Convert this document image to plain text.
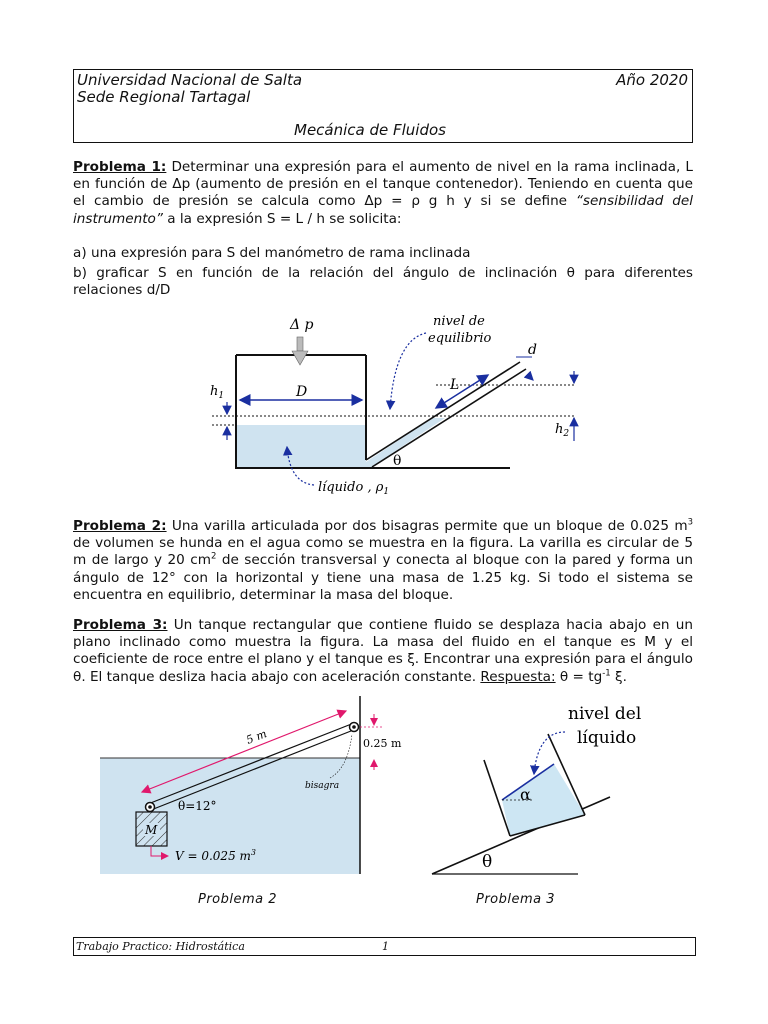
Universidad Nacional de Salta	Año 2020
Sede Regional Tartagal
Mecánica de Fluidos

Problema 1: Determinar una expresión para el aumento de nivel en la rama inclinada, L en función de Δp (aumento de presión en el tanque contenedor). Teniendo en cuenta que el cambio de presión se calcula como Δp = ρ g h y si se define “sensibilidad del instrumento” a la expresión S = L / h se solicita:

a) una expresión para S del manómetro de rama inclinada
b) graficar S en función de la relación del ángulo de inclinación θ para diferentes relaciones d/D
D
Δ p
$h_1$
$h_2$
L
d
θ
nivel de
equilibrio
líquido , $\rho_1$

Problema 2: Una varilla articulada por dos bisagras permite que un bloque de 0.025 $m^3$ de volumen se hunda en el agua como se muestra en la figura. La varilla es circular de 5 m de largo y 20 $cm^2$ de sección transversal y conecta al bloque con la pared y forma un ángulo de 12° con la horizontal y tiene una masa de 1.25 kg. Si todo el sistema se encuentra en equilibrio, determinar la masa del bloque.

Problema 3: Un tanque rectangular que contiene fluido se desplaza hacia abajo en un plano inclinado como muestra la figura. La masa del fluido en el tanque es M y el coeficiente de roce entre el plano y el tanque es ξ. Encontrar una expresión para el ángulo θ. El tanque desliza hacia abajo con aceleración constante. Respuesta: $\theta = tg^{-1}$ ξ.

5 m	0.25 m
bisagra
θ=12°
M
V = 0.025 $m^3$
Problema 2
α
θ
nivel del
líquido
Problema 3
Trabajo Practico: Hidrostática	1
